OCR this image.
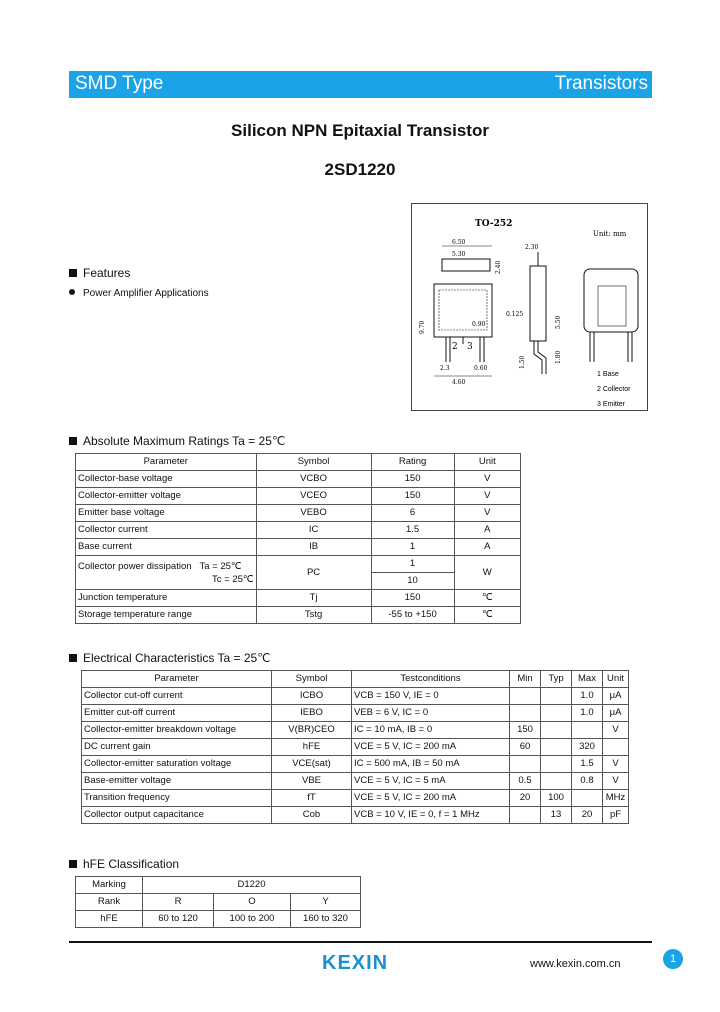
SMD Type	Transistors
Silicon NPN Epitaxial Transistor
2SD1220
TO-252
Unit: mm
2 3
6.50
5.30
4.60
2.3	0.60
0.90
9.70
2.40
2.30
0.125
1.50
5.50
1.80
1 Base
2 Collector
3 Emitter
Features
Power Amplifier Applications
Absolute Maximum Ratings Ta = 25℃
Parameter	Symbol	Rating	Unit
Collector-base voltage	VCBO	150	V
Collector-emitter voltage	VCEO	150	V
Emitter base voltage	VEBO	6	V
Collector current	IC	1.5	A
Base current	IB	1	A
Collector power dissipation Ta = 25℃
Tc = 25℃	PC	1	W
		10	
Junction temperature	Tj	150	℃
Storage temperature range	Tstg	-55 to +150	℃
Electrical Characteristics Ta = 25℃
Parameter	Symbol	Testconditions	Min	Typ	Max	Unit
Collector cut-off current	ICBO	VCB = 150 V, IE = 0			1.0	μA
Emitter cut-off current	IEBO	VEB = 6 V, IC = 0			1.0	μA
Collector-emitter breakdown voltage	V(BR)CEO	IC = 10 mA, IB = 0	150			V
DC current gain	hFE	VCE = 5 V, IC = 200 mA	60		320	
Collector-emitter saturation voltage	VCE(sat)	IC = 500 mA, IB = 50 mA			1.5	V
Base-emitter voltage	VBE	VCE = 5 V, IC = 5 mA	0.5		0.8	V
Transition frequency	fT	VCE = 5 V, IC = 200 mA	20	100		MHz
Collector output capacitance	Cob	VCB = 10 V, IE = 0, f = 1 MHz		13	20	pF
hFE Classification
Marking	D1220		
Rank	R	O	Y
hFE	60 to 120	100 to 200	160 to 320
KEXIN	www.kexin.com.cn	1
